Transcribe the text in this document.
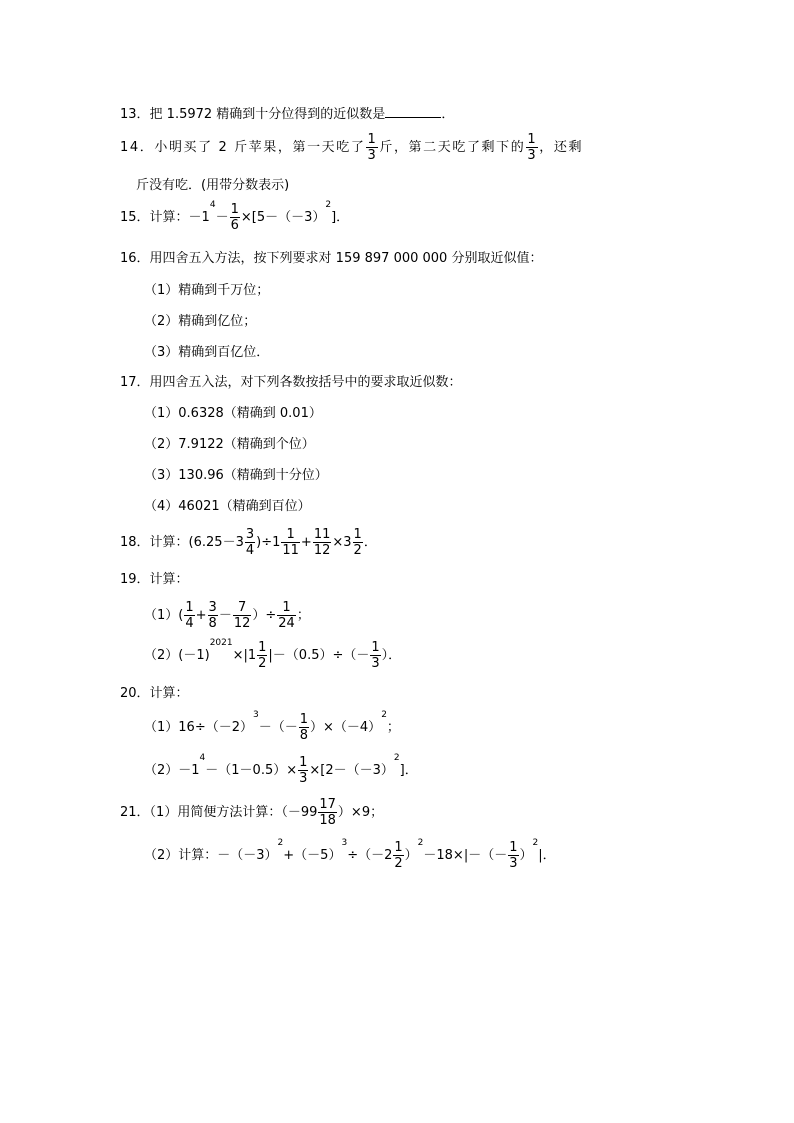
13．把 1.5972 精确到十分位得到的近似数是	．
14．小明买了 2 斤苹果，第一天吃了 $\frac{1}{3}$ 斤，第二天吃了剩下的 $\frac{1}{3}$ ，还剩
斤没有吃．(用带分数表示)
15．计算：$-1^4- \frac{1}{6} \times[5-(-3)^2]$．
16．用四舍五入方法，按下列要求对 159 897 000 000 分别取近似值：
（1）精确到千万位；
（2）精确到亿位；
（3）精确到百亿位．
17．用四舍五入法，对下列各数按括号中的要求取近似数：
（1）0.6328（精确到 0.01）
（2）7.9122（精确到个位）
（3）130.96（精确到十分位）
（4）46021（精确到百位）
18．计算：$(6.25-3 \frac{3}{4} )\div 1 \frac{1}{11} + \frac{11}{12} \times 3 \frac{1}{2}$ ．
19．计算：
$(1)( \frac{1}{4} + \frac{3}{8} - \frac{7}{12}$ ）÷ $\frac{1}{24}$ ；
$(2)(-1)^{2021}\times|1 \frac{1}{2} |-(0.5)\div(- \frac{1}{3}$ ）．
20．计算：
$(1)16\div(-2)^3-(- \frac{1}{8} )\times(-4)^2$；
$(2)-1^4-(1-0.5)\times \frac{1}{3} \times[2-(-3)^2]$．
21．（1）用简便方法计算：$(-99 \frac{17}{18} )\times 9$；
（2）计算：$-(-3)^2+(-5)^3\div(-2 \frac{1}{2} )^2-18\times|-(- \frac{1}{3} )^2|$．
